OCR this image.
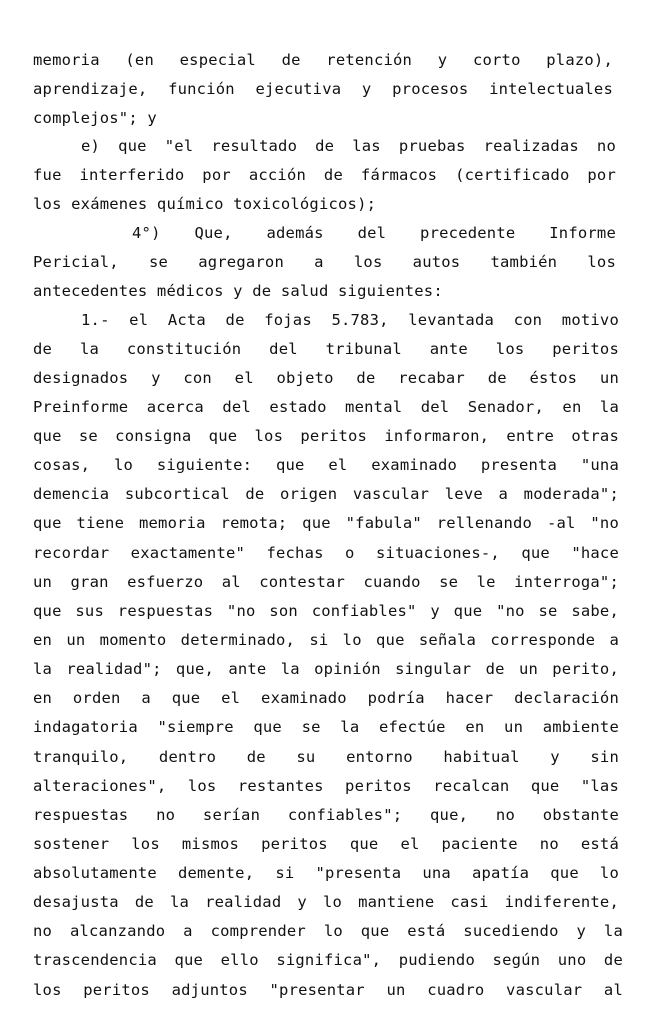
memoria (en especial de retención y corto plazo),
aprendizaje, función ejecutiva y procesos intelectuales
complejos"; y
e) que "el resultado de las pruebas realizadas no
fue interferido por acción de fármacos (certificado por
los exámenes químico toxicológicos);
4°) Que, además del precedente Informe
Pericial, se agregaron a los autos también los
antecedentes médicos y de salud siguientes:
1.- el Acta de fojas 5.783, levantada con motivo
de la constitución del tribunal ante los peritos
designados y con el objeto de recabar de éstos un
Preinforme acerca del estado mental del Senador, en la
que se consigna que los peritos informaron, entre otras
cosas, lo siguiente: que el examinado presenta "una
demencia subcortical de origen vascular leve a moderada";
que tiene memoria remota; que "fabula" rellenando -al "no
recordar exactamente" fechas o situaciones-, que "hace
un gran esfuerzo al contestar cuando se le interroga";
que sus respuestas "no son confiables" y que "no se sabe,
en un momento determinado, si lo que señala corresponde a
la realidad"; que, ante la opinión singular de un perito,
en orden a que el examinado podría hacer declaración
indagatoria "siempre que se la efectúe en un ambiente
tranquilo, dentro de su entorno habitual y sin
alteraciones", los restantes peritos recalcan que "las
respuestas no serían confiables"; que, no obstante
sostener los mismos peritos que el paciente no está
absolutamente demente, si "presenta una apatía que lo
desajusta de la realidad y lo mantiene casi indiferente,
no alcanzando a comprender lo que está sucediendo y la
trascendencia que ello significa", pudiendo según uno de
los peritos adjuntos "presentar un cuadro vascular al
